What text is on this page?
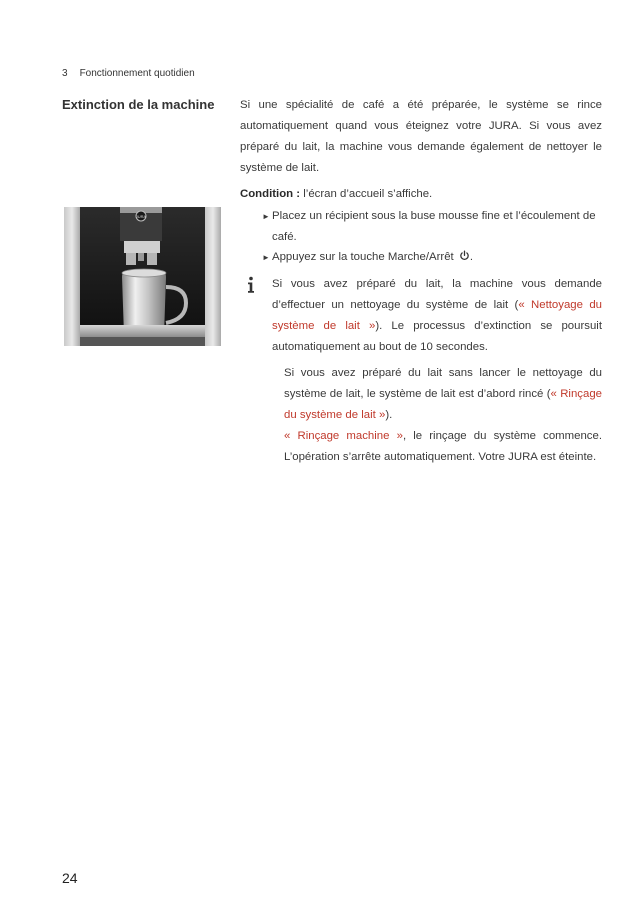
3 Fonctionnement quotidien
Extinction de la machine Si une spécialité de café a été préparée, le système se rince automatiquement quand vous éteignez votre JURA. Si vous avez préparé du lait, la machine vous demande également de nettoyer le système de lait.
Condition : l’écran d’accueil s’affiche.
► Placez un récipient sous la buse mousse fine et l’écoulement de café.
► Appuyez sur la touche Marche/Arrêt .
Si vous avez préparé du lait, la machine vous demande d’effectuer un nettoyage du système de lait (« Nettoyage du système de lait »). Le processus d’extinction se poursuit automatiquement au bout de 10 secondes.
Si vous avez préparé du lait sans lancer le nettoyage du système de lait, le système de lait est d’abord rincé (« Rinçage du système de lait »).
« Rinçage machine », le rinçage du système commence. L’opération s’arrête automatiquement. Votre JURA est éteinte.
JURA
24
